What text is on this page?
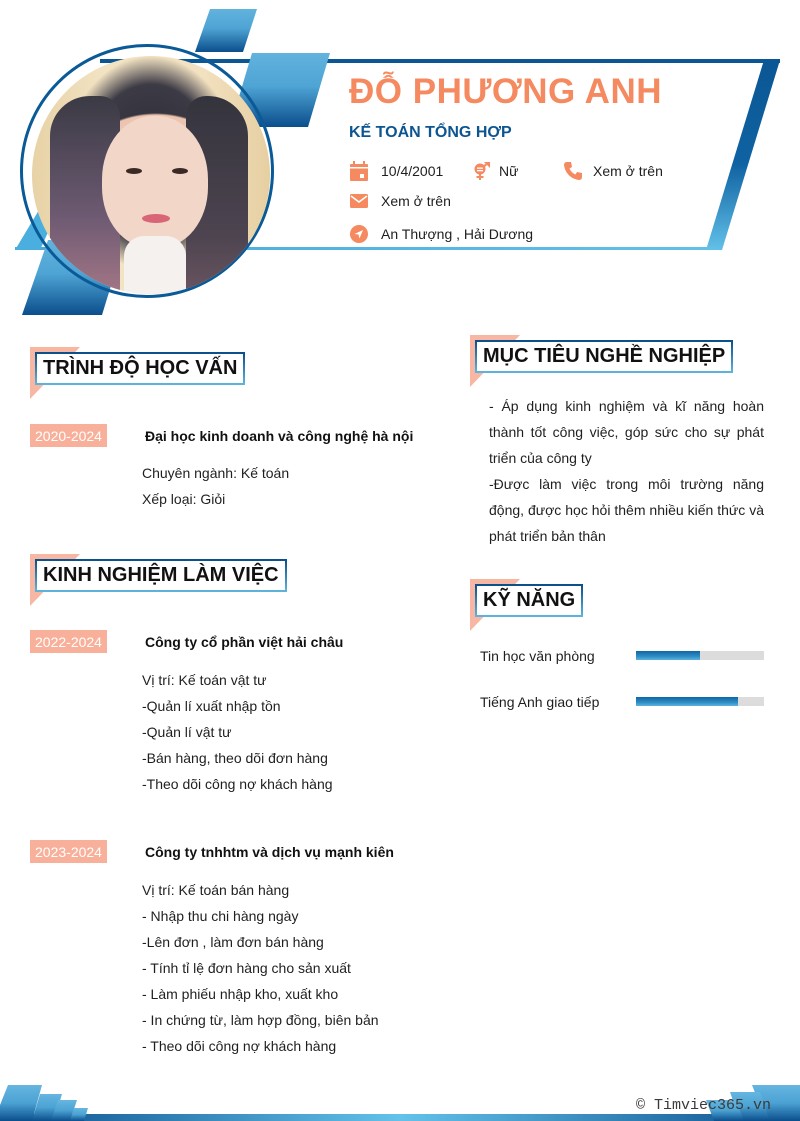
ĐỖ PHƯƠNG ANH
KẾ TOÁN TỔNG HỢP
10/4/2001	Nữ	Xem ở trên
Xem ở trên
An Thượng , Hải Dương
TRÌNH ĐỘ HỌC VẤN
2020-2024	Đại học kinh doanh và công nghệ hà nội
Chuyên ngành: Kế toán
Xếp loại: Giỏi
KINH NGHIỆM LÀM VIỆC
2022-2024	Công ty cổ phần việt hải châu
Vị trí: Kế toán vật tư
-Quản lí xuất nhập tồn
-Quản lí vật tư
-Bán hàng, theo dõi đơn hàng
-Theo dõi công nợ khách hàng
2023-2024	Công ty tnhhtm và dịch vụ mạnh kiên
Vị trí: Kế toán bán hàng
- Nhập thu chi hàng ngày
-Lên đơn , làm đơn bán hàng
- Tính tỉ lệ đơn hàng cho sản xuất
- Làm phiếu nhập kho, xuất kho
- In chứng từ, làm hợp đồng, biên bản
- Theo dõi công nợ khách hàng
MỤC TIÊU NGHỀ NGHIỆP

- Áp dụng kinh nghiệm và kĩ năng hoàn thành tốt công việc, góp sức cho sự phát triển của công ty

-Được làm việc trong môi trường năng động, được học hỏi thêm nhiều kiến thức và phát triển bản thân

KỸ NĂNG
Tin học văn phòng
Tiếng Anh giao tiếp
© Timviec365.vn
